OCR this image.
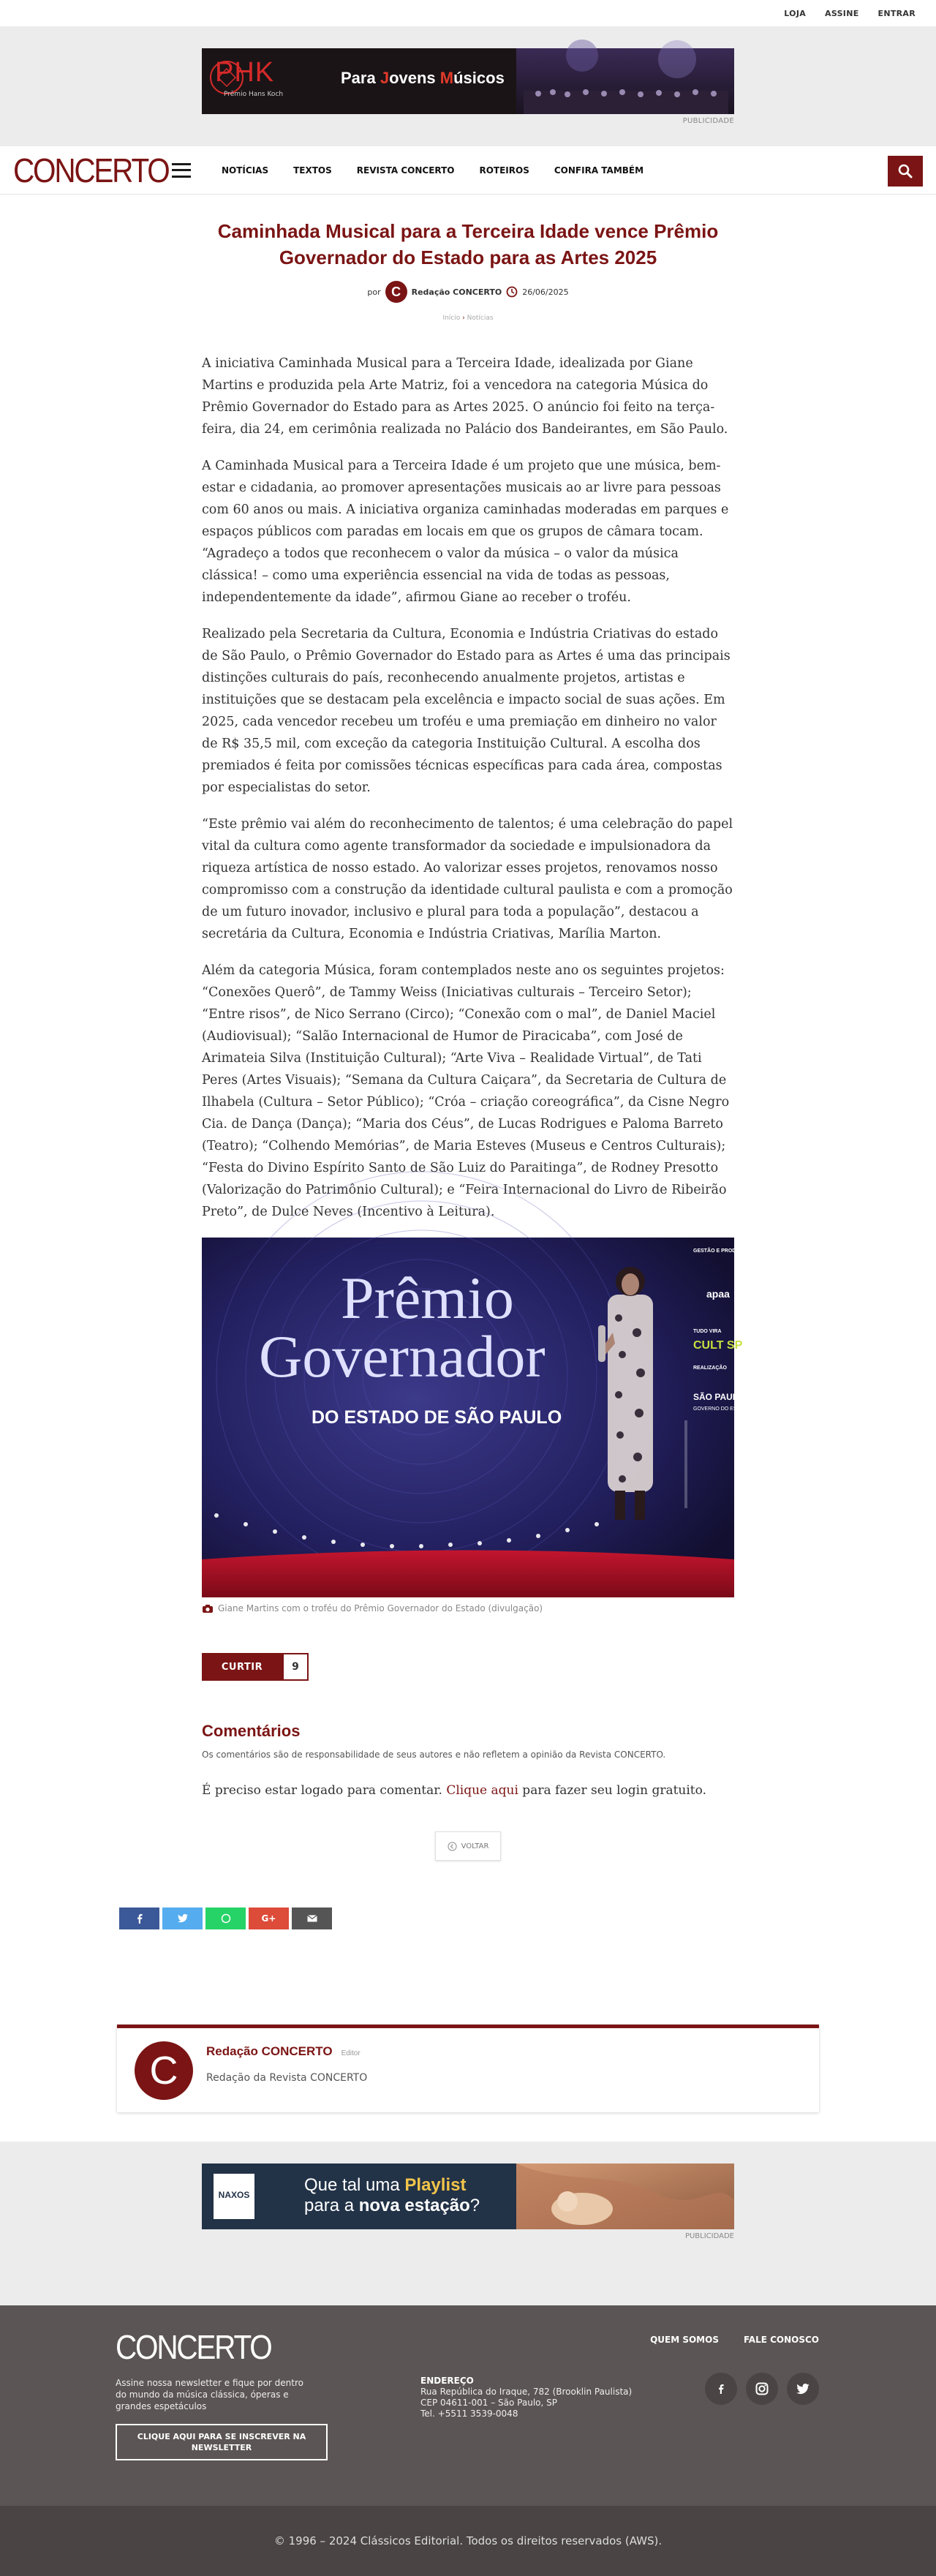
LOJA ASSINE ENTRAR
PHK
Prêmio Hans Koch
Para Jovens Músicos
PUBLICIDADE
CONCERTO	NOTÍCIAS	TEXTOS	REVISTA CONCERTO	ROTEIROS	CONFIRA TAMBÉM
Caminhada Musical para a Terceira Idade vence Prêmio Governador do Estado para as Artes 2025
por C	Redação CONCERTO	26/06/2025
Início › Notícias

A iniciativa Caminhada Musical para a Terceira Idade, idealizada por Giane Martins e produzida pela Arte Matriz, foi a vencedora na categoria Música do Prêmio Governador do Estado para as Artes 2025. O anúncio foi feito na terça-feira, dia 24, em cerimônia realizada no Palácio dos Bandeirantes, em São Paulo.

A Caminhada Musical para a Terceira Idade é um projeto que une música, bem-estar e cidadania, ao promover apresentações musicais ao ar livre para pessoas com 60 anos ou mais. A iniciativa organiza caminhadas moderadas em parques e espaços públicos com paradas em locais em que os grupos de câmara tocam. “Agradeço a todos que reconhecem o valor da música – o valor da música clássica! – como uma experiência essencial na vida de todas as pessoas, independentemente da idade”, afirmou Giane ao receber o troféu.

Realizado pela Secretaria da Cultura, Economia e Indústria Criativas do estado de São Paulo, o Prêmio Governador do Estado para as Artes é uma das principais distinções culturais do país, reconhecendo anualmente projetos, artistas e instituições que se destacam pela excelência e impacto social de suas ações. Em 2025, cada vencedor recebeu um troféu e uma premiação em dinheiro no valor de R$ 35,5 mil, com exceção da categoria Instituição Cultural. A escolha dos premiados é feita por comissões técnicas específicas para cada área, compostas por especialistas do setor.

“Este prêmio vai além do reconhecimento de talentos; é uma celebração do papel vital da cultura como agente transformador da sociedade e impulsionadora da riqueza artística de nosso estado. Ao valorizar esses projetos, renovamos nosso compromisso com a construção da identidade cultural paulista e com a promoção de um futuro inovador, inclusivo e plural para toda a população”, destacou a secretária da Cultura, Economia e Indústria Criativas, Marília Marton.

Além da categoria Música, foram contemplados neste ano os seguintes projetos: “Conexões Querô”, de Tammy Weiss (Iniciativas culturais – Terceiro Setor); “Entre risos”, de Nico Serrano (Circo); “Conexão com o mal”, de Daniel Maciel (Audiovisual); “Salão Internacional de Humor de Piracicaba”, com José de Arimateia Silva (Instituição Cultural); “Arte Viva – Realidade Virtual”, de Tati Peres (Artes Visuais); “Semana da Cultura Caiçara”, da Secretaria de Cultura de Ilhabela (Cultura – Setor Público); “Cróa – criação coreográfica”, da Cisne Negro Cia. de Dança (Dança); “Maria dos Céus”, de Lucas Rodrigues e Paloma Barreto (Teatro); “Colhendo Memórias”, de Maria Esteves (Museus e Centros Culturais); “Festa do Divino Espírito Santo de São Luiz do Paraitinga”, de Rodney Presotto (Valorização do Patrimônio Cultural); e “Feira Internacional do Livro de Ribeirão Preto”, de Dulce Neves (Incentivo à Leitura).

GESTÃO E PRODUÇÃO
apaa
TUDO VIRA
CULT SP
REALIZAÇÃO
SÃO PAULO
GOVERNO DO ESTADO
Prêmio
Governador
DO ESTADO DE SÃO PAULO
Giane Martins com o troféu do Prêmio Governador do Estado (divulgação)
CURTIR	9
Comentários
Os comentários são de responsabilidade de seus autores e não refletem a opinião da Revista CONCERTO.
É preciso estar logado para comentar. Clique aqui para fazer seu login gratuito.
VOLTAR
G+
C	Redação CONCERTO Editor
Redação da Revista CONCERTO
NAXOS	Que tal uma Playlist
para a nova estação?
PUBLICIDADE
CONCERTO
Assine nossa newsletter e fique por dentro do mundo da música clássica, óperas e grandes espetáculos
CLIQUE AQUI PARA SE INSCREVER NA NEWSLETTER
ENDEREÇO
Rua República do Iraque, 782 (Brooklin Paulista)
CEP 04611-001 – São Paulo, SP
Tel. +5511 3539-0048
QUEM SOMOS	FALE CONOSCO
© 1996 – 2024 Clássicos Editorial. Todos os direitos reservados (AWS).
